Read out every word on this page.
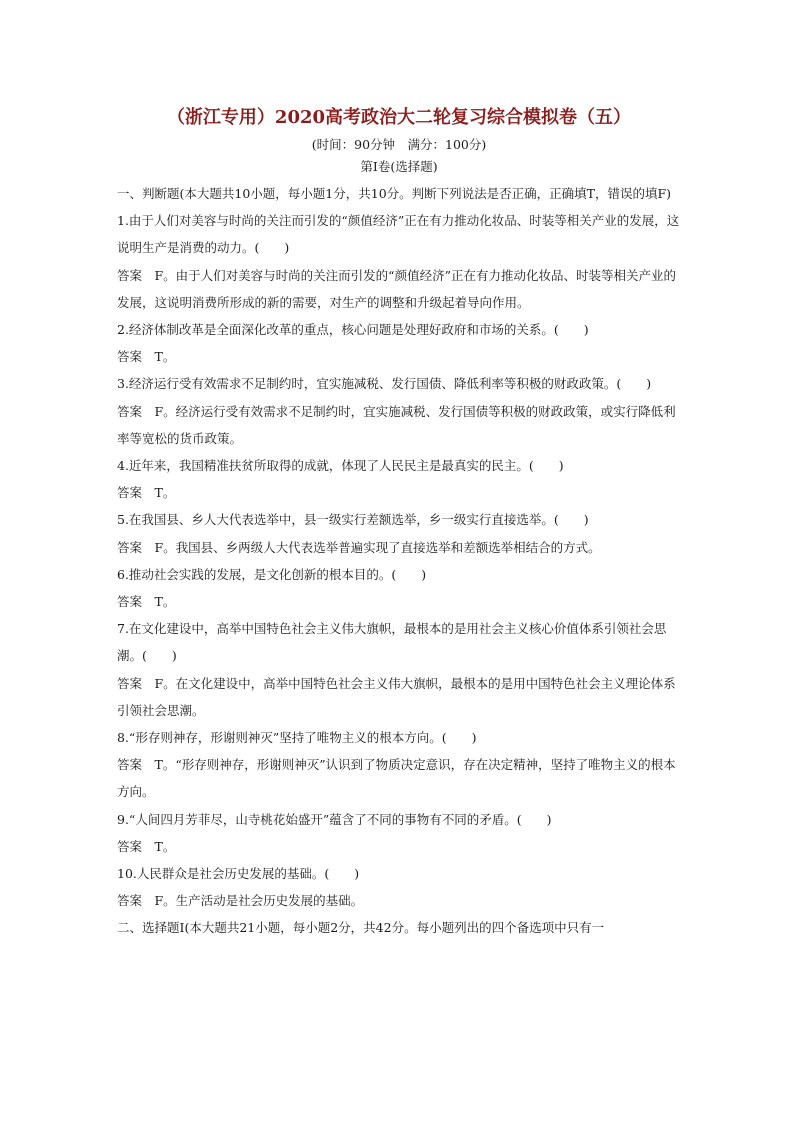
（浙江专用）2020高考政治大二轮复习综合模拟卷（五）
(时间：90分钟　满分：100分)
第Ⅰ卷(选择题)

一、判断题(本大题共10小题，每小题1分，共10分。判断下列说法是否正确，正确填T，错误的填F)

1.由于人们对美容与时尚的关注而引发的“颜值经济”正在有力推动化妆品、时装等相关产业的发展，这说明生产是消费的动力。(　　)

答案　F。由于人们对美容与时尚的关注而引发的“颜值经济”正在有力推动化妆品、时装等相关产业的发展，这说明消费所形成的新的需要，对生产的调整和升级起着导向作用。

2.经济体制改革是全面深化改革的重点，核心问题是处理好政府和市场的关系。(　　)

答案　T。

3.经济运行受有效需求不足制约时，宜实施减税、发行国债、降低利率等积极的财政政策。(　　)

答案　F。经济运行受有效需求不足制约时，宜实施减税、发行国债等积极的财政政策，或实行降低利率等宽松的货币政策。

4.近年来，我国精准扶贫所取得的成就，体现了人民民主是最真实的民主。(　　)

答案　T。

5.在我国县、乡人大代表选举中，县一级实行差额选举，乡一级实行直接选举。(　　)

答案　F。我国县、乡两级人大代表选举普遍实现了直接选举和差额选举相结合的方式。

6.推动社会实践的发展，是文化创新的根本目的。(　　)

答案　T。

7.在文化建设中，高举中国特色社会主义伟大旗帜，最根本的是用社会主义核心价值体系引领社会思潮。(　　)

答案　F。在文化建设中，高举中国特色社会主义伟大旗帜，最根本的是用中国特色社会主义理论体系引领社会思潮。

8.“形存则神存，形谢则神灭”坚持了唯物主义的根本方向。(　　)

答案　T。“形存则神存，形谢则神灭”认识到了物质决定意识，存在决定精神，坚持了唯物主义的根本方向。

9.“人间四月芳菲尽，山寺桃花始盛开”蕴含了不同的事物有不同的矛盾。(　　)

答案　T。

10.人民群众是社会历史发展的基础。(　　)

答案　F。生产活动是社会历史发展的基础。

二、选择题Ⅰ(本大题共21小题，每小题2分，共42分。每小题列出的四个备选项中只有一
